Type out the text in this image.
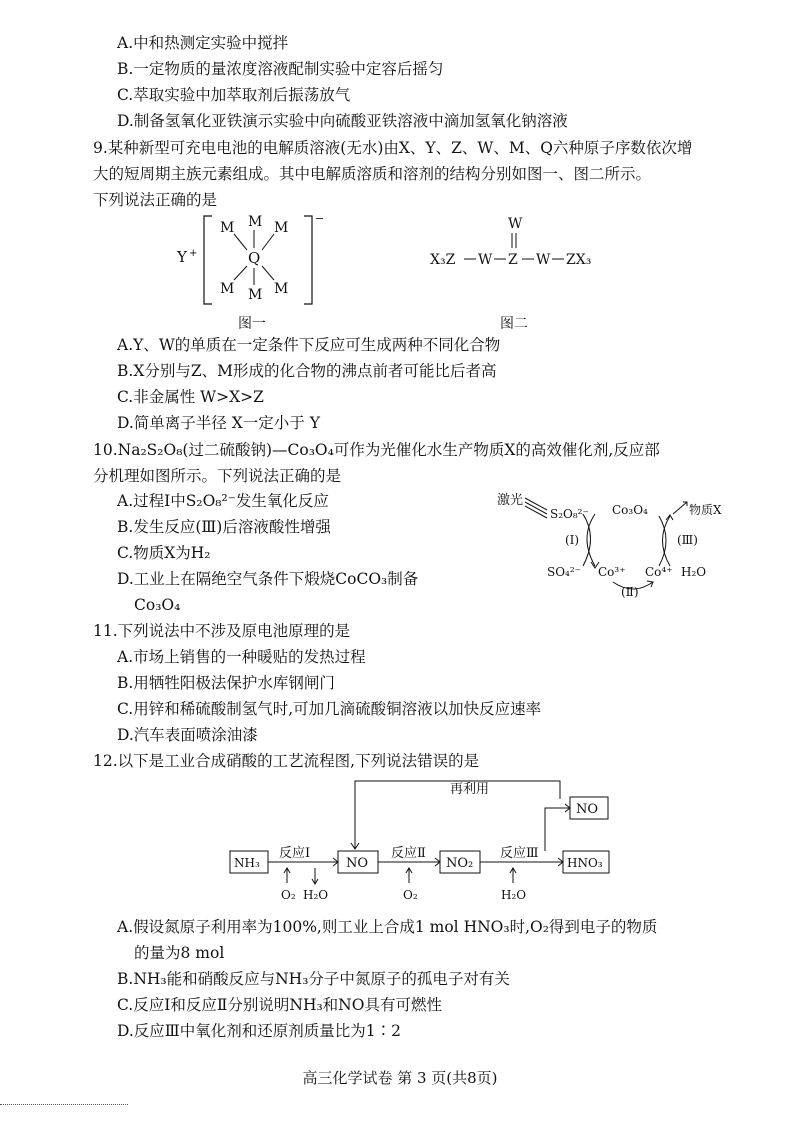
A.中和热测定实验中搅拌
B.一定物质的量浓度溶液配制实验中定容后摇匀
C.萃取实验中加萃取剂后振荡放气
D.制备氢氧化亚铁演示实验中向硫酸亚铁溶液中滴加氢氧化钠溶液
9.某种新型可充电电池的电解质溶液(无水)由X、Y、Z、W、M、Q六种原子序数依次增
大的短周期主族元素组成。其中电解质溶质和溶剂的结构分别如图一、图二所示。
下列说法正确的是
Y +
−
M M M
Q
M M M
图一
W
X₃Z W Z W ZX₃
图二
A.Y、W的单质在一定条件下反应可生成两种不同化合物
B.X分别与Z、M形成的化合物的沸点前者可能比后者高
C.非金属性 W>X>Z
D.简单离子半径 X一定小于 Y
10.Na₂S₂O₈(过二硫酸钠)—Co₃O₄可作为光催化水生产物质X的高效催化剂,反应部
分机理如图所示。下列说法正确的是
A.过程Ⅰ中S₂O₈²⁻发生氧化反应
B.发生反应(Ⅲ)后溶液酸性增强
C.物质X为H₂
D.工业上在隔绝空气条件下煅烧CoCO₃制备
Co₃O₄
激光
S₂O₈²⁻ Co₃O₄	物质X
(Ⅰ)	(Ⅲ)
SO₄²⁻ Co³⁺ Co⁴⁺ H₂O
(Ⅱ)
11.下列说法中不涉及原电池原理的是
A.市场上销售的一种暖贴的发热过程
B.用牺牲阳极法保护水库钢闸门
C.用锌和稀硫酸制氢气时,可加几滴硫酸铜溶液以加快反应速率
D.汽车表面喷涂油漆
12.以下是工业合成硝酸的工艺流程图,下列说法错误的是
再利用
NO
NH₃
反应Ⅰ
NO
反应Ⅱ
NO₂
反应Ⅲ
HNO₃
O₂ H₂O	O₂	H₂O
A.假设氮原子利用率为100%,则工业上合成1 mol HNO₃时,O₂得到电子的物质
的量为8 mol
B.NH₃能和硝酸反应与NH₃分子中氮原子的孤电子对有关
C.反应Ⅰ和反应Ⅱ分别说明NH₃和NO具有可燃性
D.反应Ⅲ中氧化剂和还原剂质量比为1∶2
高三化学试卷 第 3 页(共8页)
